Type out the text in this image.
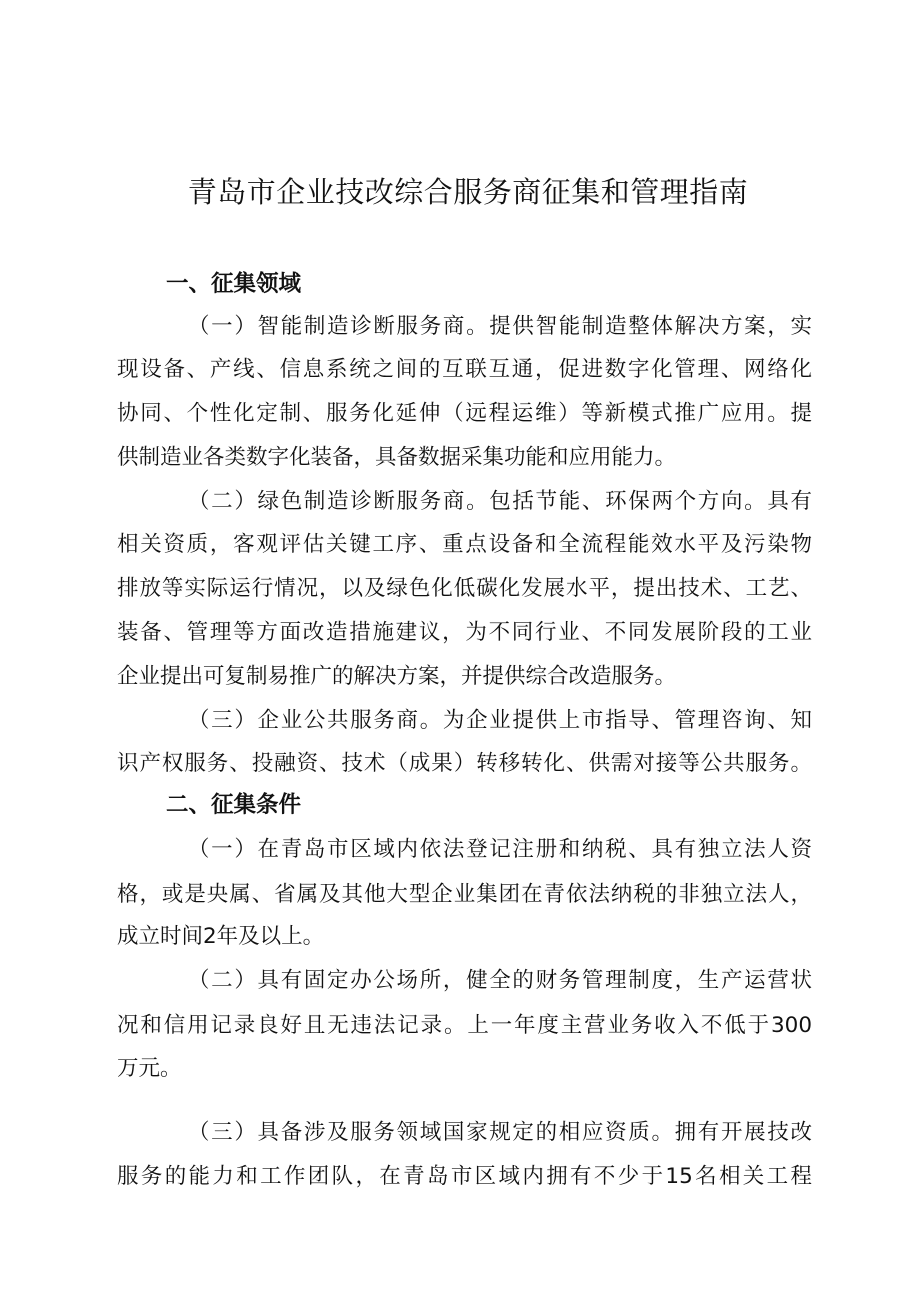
青岛市企业技改综合服务商征集和管理指南
一、征集领域

（一）智能制造诊断服务商。提供智能制造整体解决方案，实

现设备、产线、信息系统之间的互联互通，促进数字化管理、网络化

协同、个性化定制、服务化延伸（远程运维）等新模式推广应用。提

供制造业各类数字化装备，具备数据采集功能和应用能力。

（二）绿色制造诊断服务商。包括节能、环保两个方向。具有

相关资质，客观评估关键工序、重点设备和全流程能效水平及污染物

排放等实际运行情况，以及绿色化低碳化发展水平，提出技术、工艺、

装备、管理等方面改造措施建议，为不同行业、不同发展阶段的工业

企业提出可复制易推广的解决方案，并提供综合改造服务。

（三）企业公共服务商。为企业提供上市指导、管理咨询、知

识产权服务、投融资、技术（成果）转移转化、供需对接等公共服务。

二、征集条件

（一）在青岛市区域内依法登记注册和纳税、具有独立法人资

格，或是央属、省属及其他大型企业集团在青依法纳税的非独立法人，

成立时间2年及以上。

（二）具有固定办公场所，健全的财务管理制度，生产运营状

况和信用记录良好且无违法记录。上一年度主营业务收入不低于300

万元。

（三）具备涉及服务领域国家规定的相应资质。拥有开展技改

服务的能力和工作团队，在青岛市区域内拥有不少于15名相关工程
